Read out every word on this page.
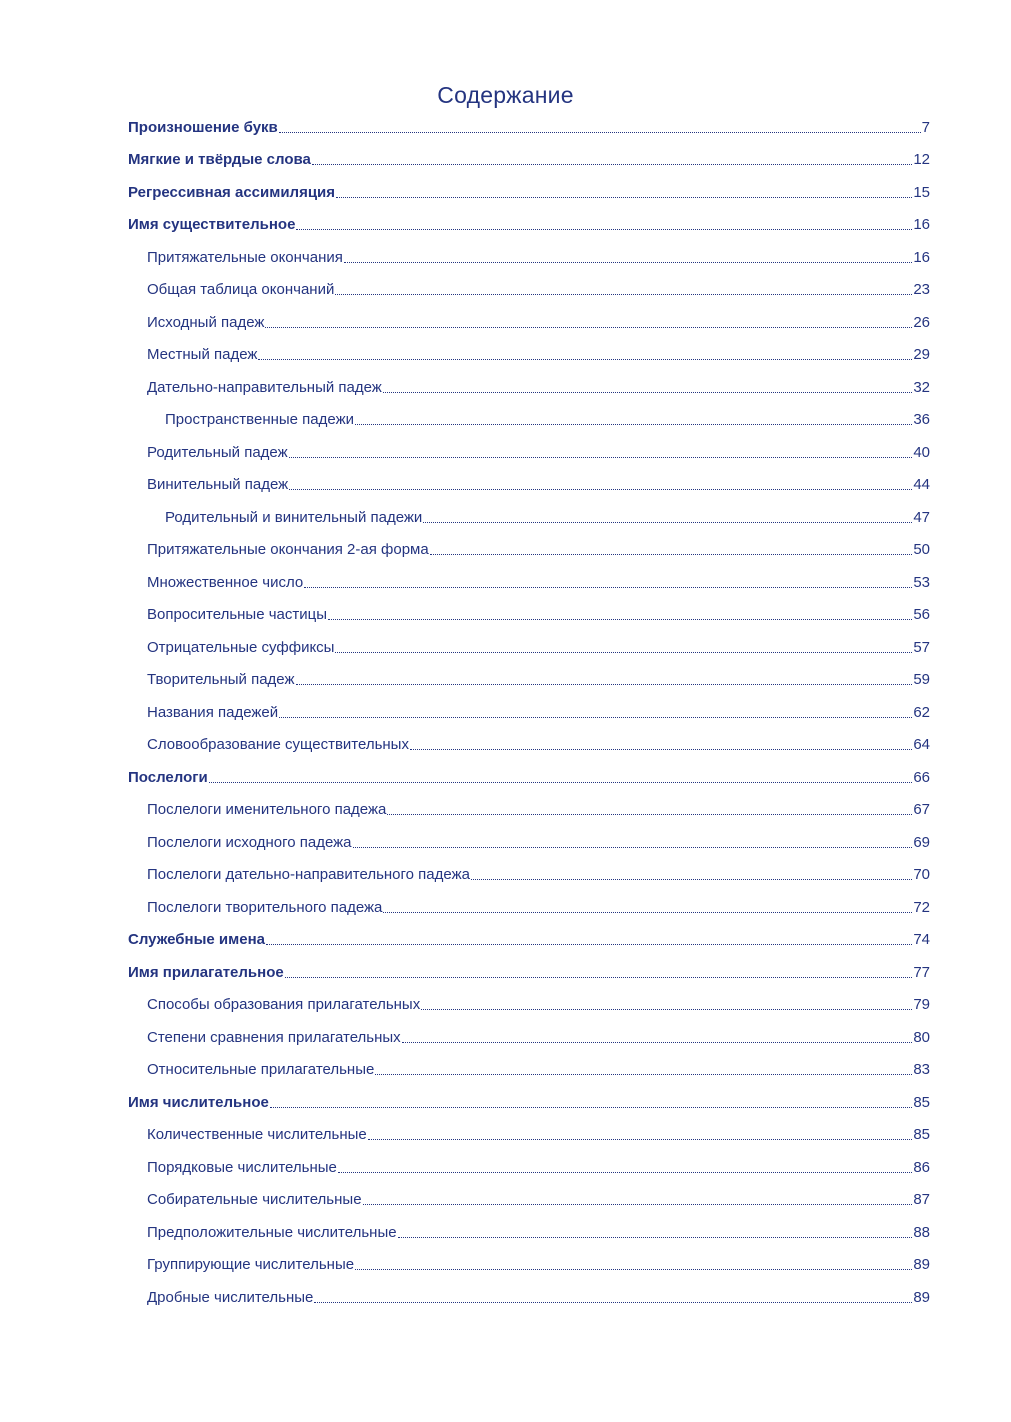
Содержание
Произношение букв	7
Мягкие и твёрдые слова	12
Регрессивная ассимиляция	15
Имя существительное	16
Притяжательные окончания	16
Общая таблица окончаний	23
Исходный падеж	26
Местный падеж	29
Дательно-направительный падеж	32
Пространственные падежи	36
Родительный падеж	40
Винительный падеж	44
Родительный и винительный падежи	47
Притяжательные окончания 2-ая форма	50
Множественное число	53
Вопросительные частицы	56
Отрицательные суффиксы	57
Творительный падеж	59
Названия падежей	62
Словообразование существительных	64
Послелоги	66
Послелоги именительного падежа	67
Послелоги исходного падежа	69
Послелоги дательно-направительного падежа	70
Послелоги творительного падежа	72
Служебные имена	74
Имя прилагательное	77
Способы образования прилагательных	79
Степени сравнения прилагательных	80
Относительные прилагательные	83
Имя числительное	85
Количественные числительные	85
Порядковые числительные	86
Собирательные числительные	87
Предположительные числительные	88
Группирующие числительные	89
Дробные числительные	89
